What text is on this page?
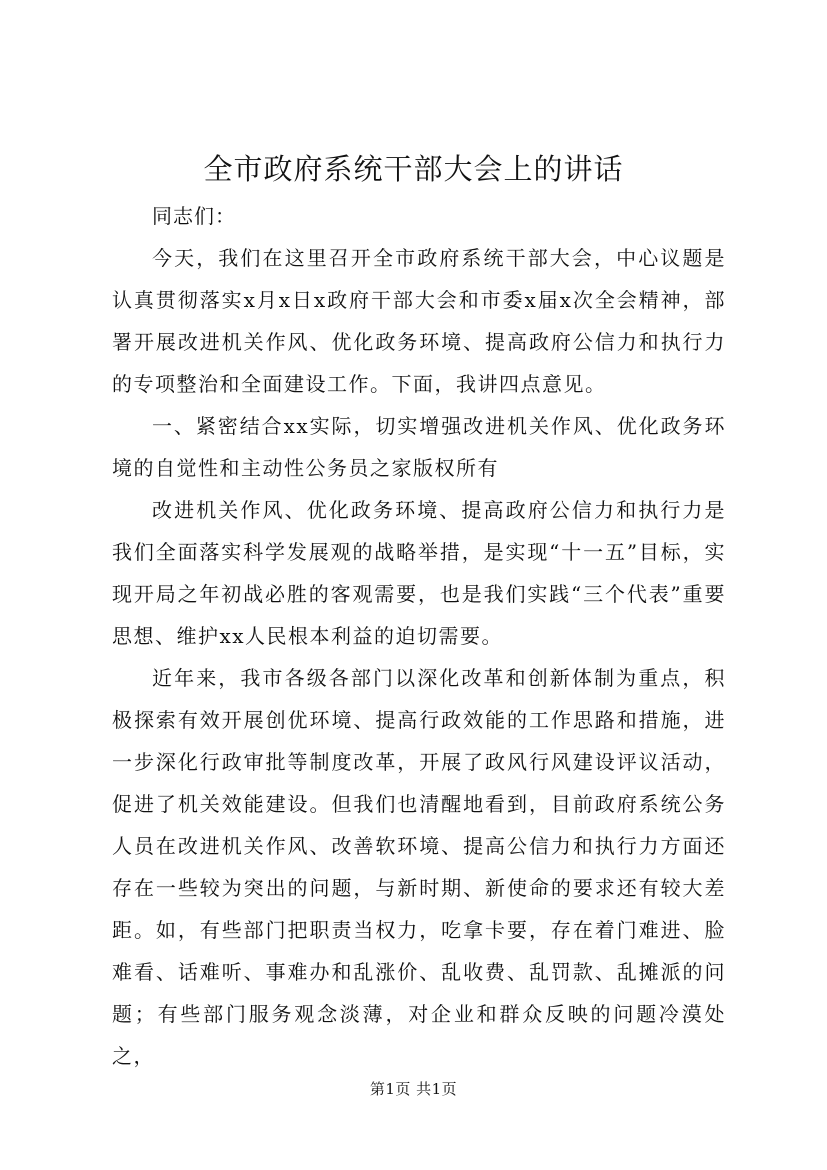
全市政府系统干部大会上的讲话

同志们：

今天，我们在这里召开全市政府系统干部大会，中心议题是认真贯彻落实x月x日x政府干部大会和市委x届x次全会精神，部署开展改进机关作风、优化政务环境、提高政府公信力和执行力的专项整治和全面建设工作。下面，我讲四点意见。

一、紧密结合xx实际，切实增强改进机关作风、优化政务环境的自觉性和主动性公务员之家版权所有

改进机关作风、优化政务环境、提高政府公信力和执行力是我们全面落实科学发展观的战略举措，是实现“十一五”目标，实现开局之年初战必胜的客观需要，也是我们实践“三个代表”重要思想、维护xx人民根本利益的迫切需要。

近年来，我市各级各部门以深化改革和创新体制为重点，积极探索有效开展创优环境、提高行政效能的工作思路和措施，进一步深化行政审批等制度改革，开展了政风行风建设评议活动，促进了机关效能建设。但我们也清醒地看到，目前政府系统公务人员在改进机关作风、改善软环境、提高公信力和执行力方面还存在一些较为突出的问题，与新时期、新使命的要求还有较大差距。如，有些部门把职责当权力，吃拿卡要，存在着门难进、脸难看、话难听、事难办和乱涨价、乱收费、乱罚款、乱摊派的问题；有些部门服务观念淡薄，对企业和群众反映的问题冷漠处之，

第1页 共1页
